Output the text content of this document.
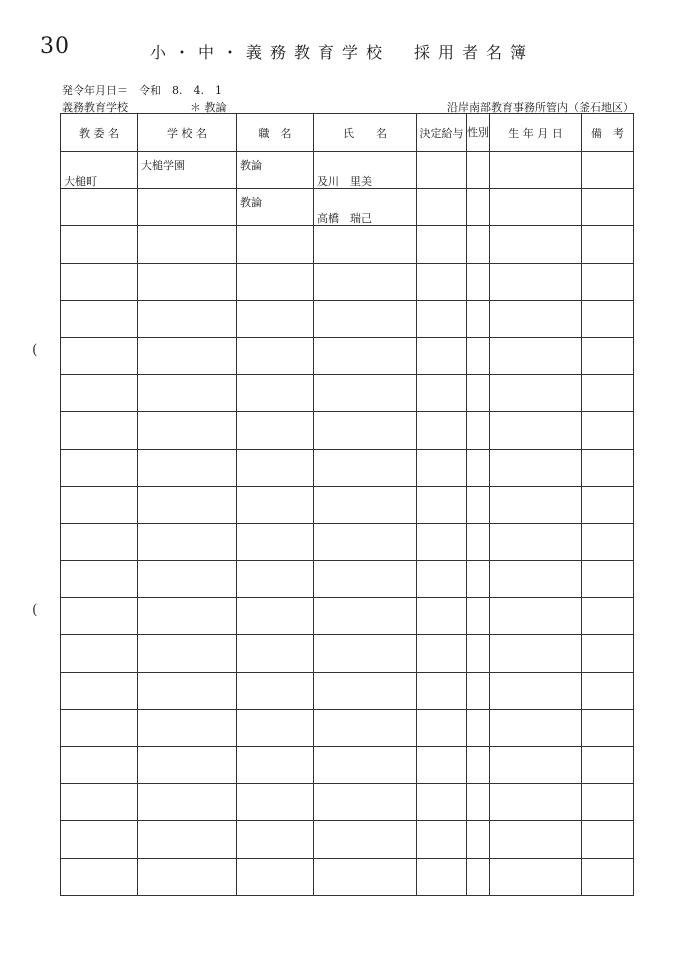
30	小・中・義務教育学校　採用者名簿
発令年月日＝　令和　8.　4.　1
義務教育学校	＊ 教論	沿岸南部教育事務所管内（釜石地区）
(
(
教 委 名	学 校 名	職　名	氏　　名	決定給与	性別	生 年 月 日	備　考

大槌町	大槌学園	教論	及川　里美				

		教論	高橋　瑞己				
